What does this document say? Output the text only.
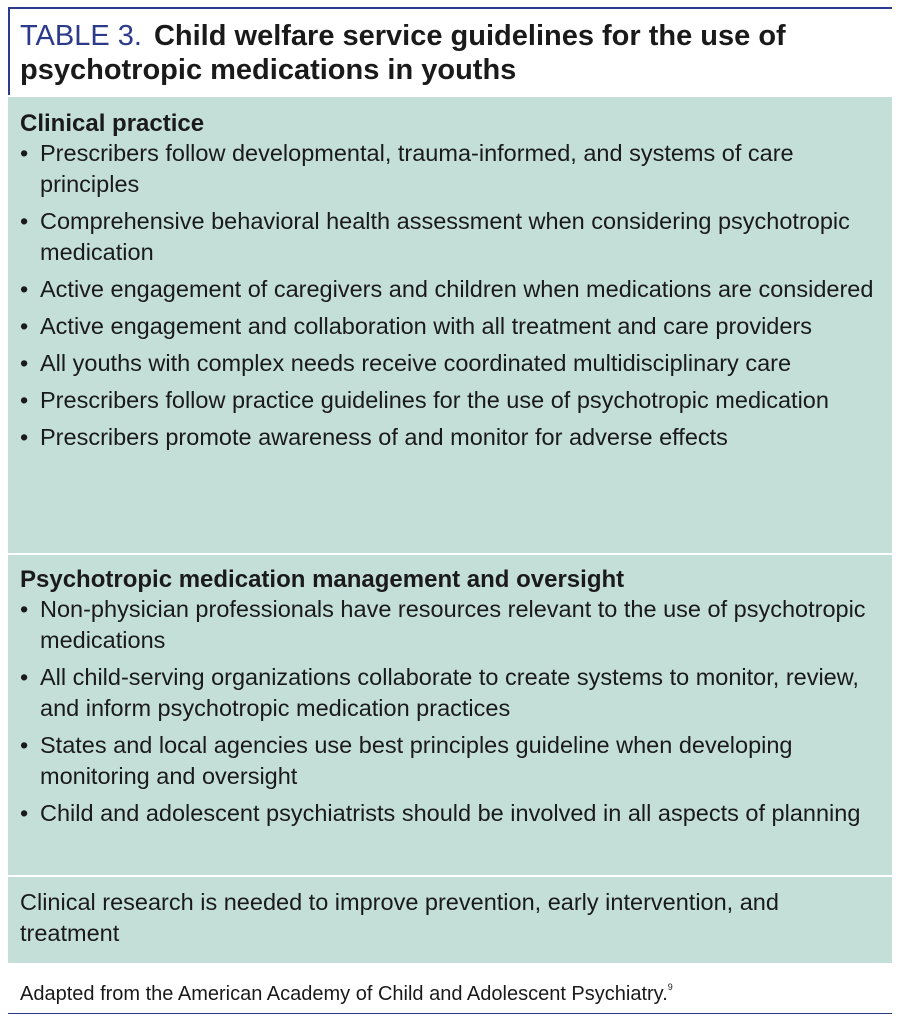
TABLE 3. Child welfare service guidelines for the use of psychotropic medications in youths

Clinical practice

• Prescribers follow developmental, trauma-informed, and systems of care principles
• Comprehensive behavioral health assessment when considering psychotropic medication
• Active engagement of caregivers and children when medications are considered
• Active engagement and collaboration with all treatment and care providers
• All youths with complex needs receive coordinated multidisciplinary care
• Prescribers follow practice guidelines for the use of psychotropic medication
• Prescribers promote awareness of and monitor for adverse effects

Psychotropic medication management and oversight

• Non-physician professionals have resources relevant to the use of psychotropic medications
• All child-serving organizations collaborate to create systems to monitor, review, and inform psychotropic medication practices
• States and local agencies use best principles guideline when developing monitoring and oversight
• Child and adolescent psychiatrists should be involved in all aspects of planning
Clinical research is needed to improve prevention, early intervention, and treatment
Adapted from the American Academy of Child and Adolescent Psychiatry.$^9$
